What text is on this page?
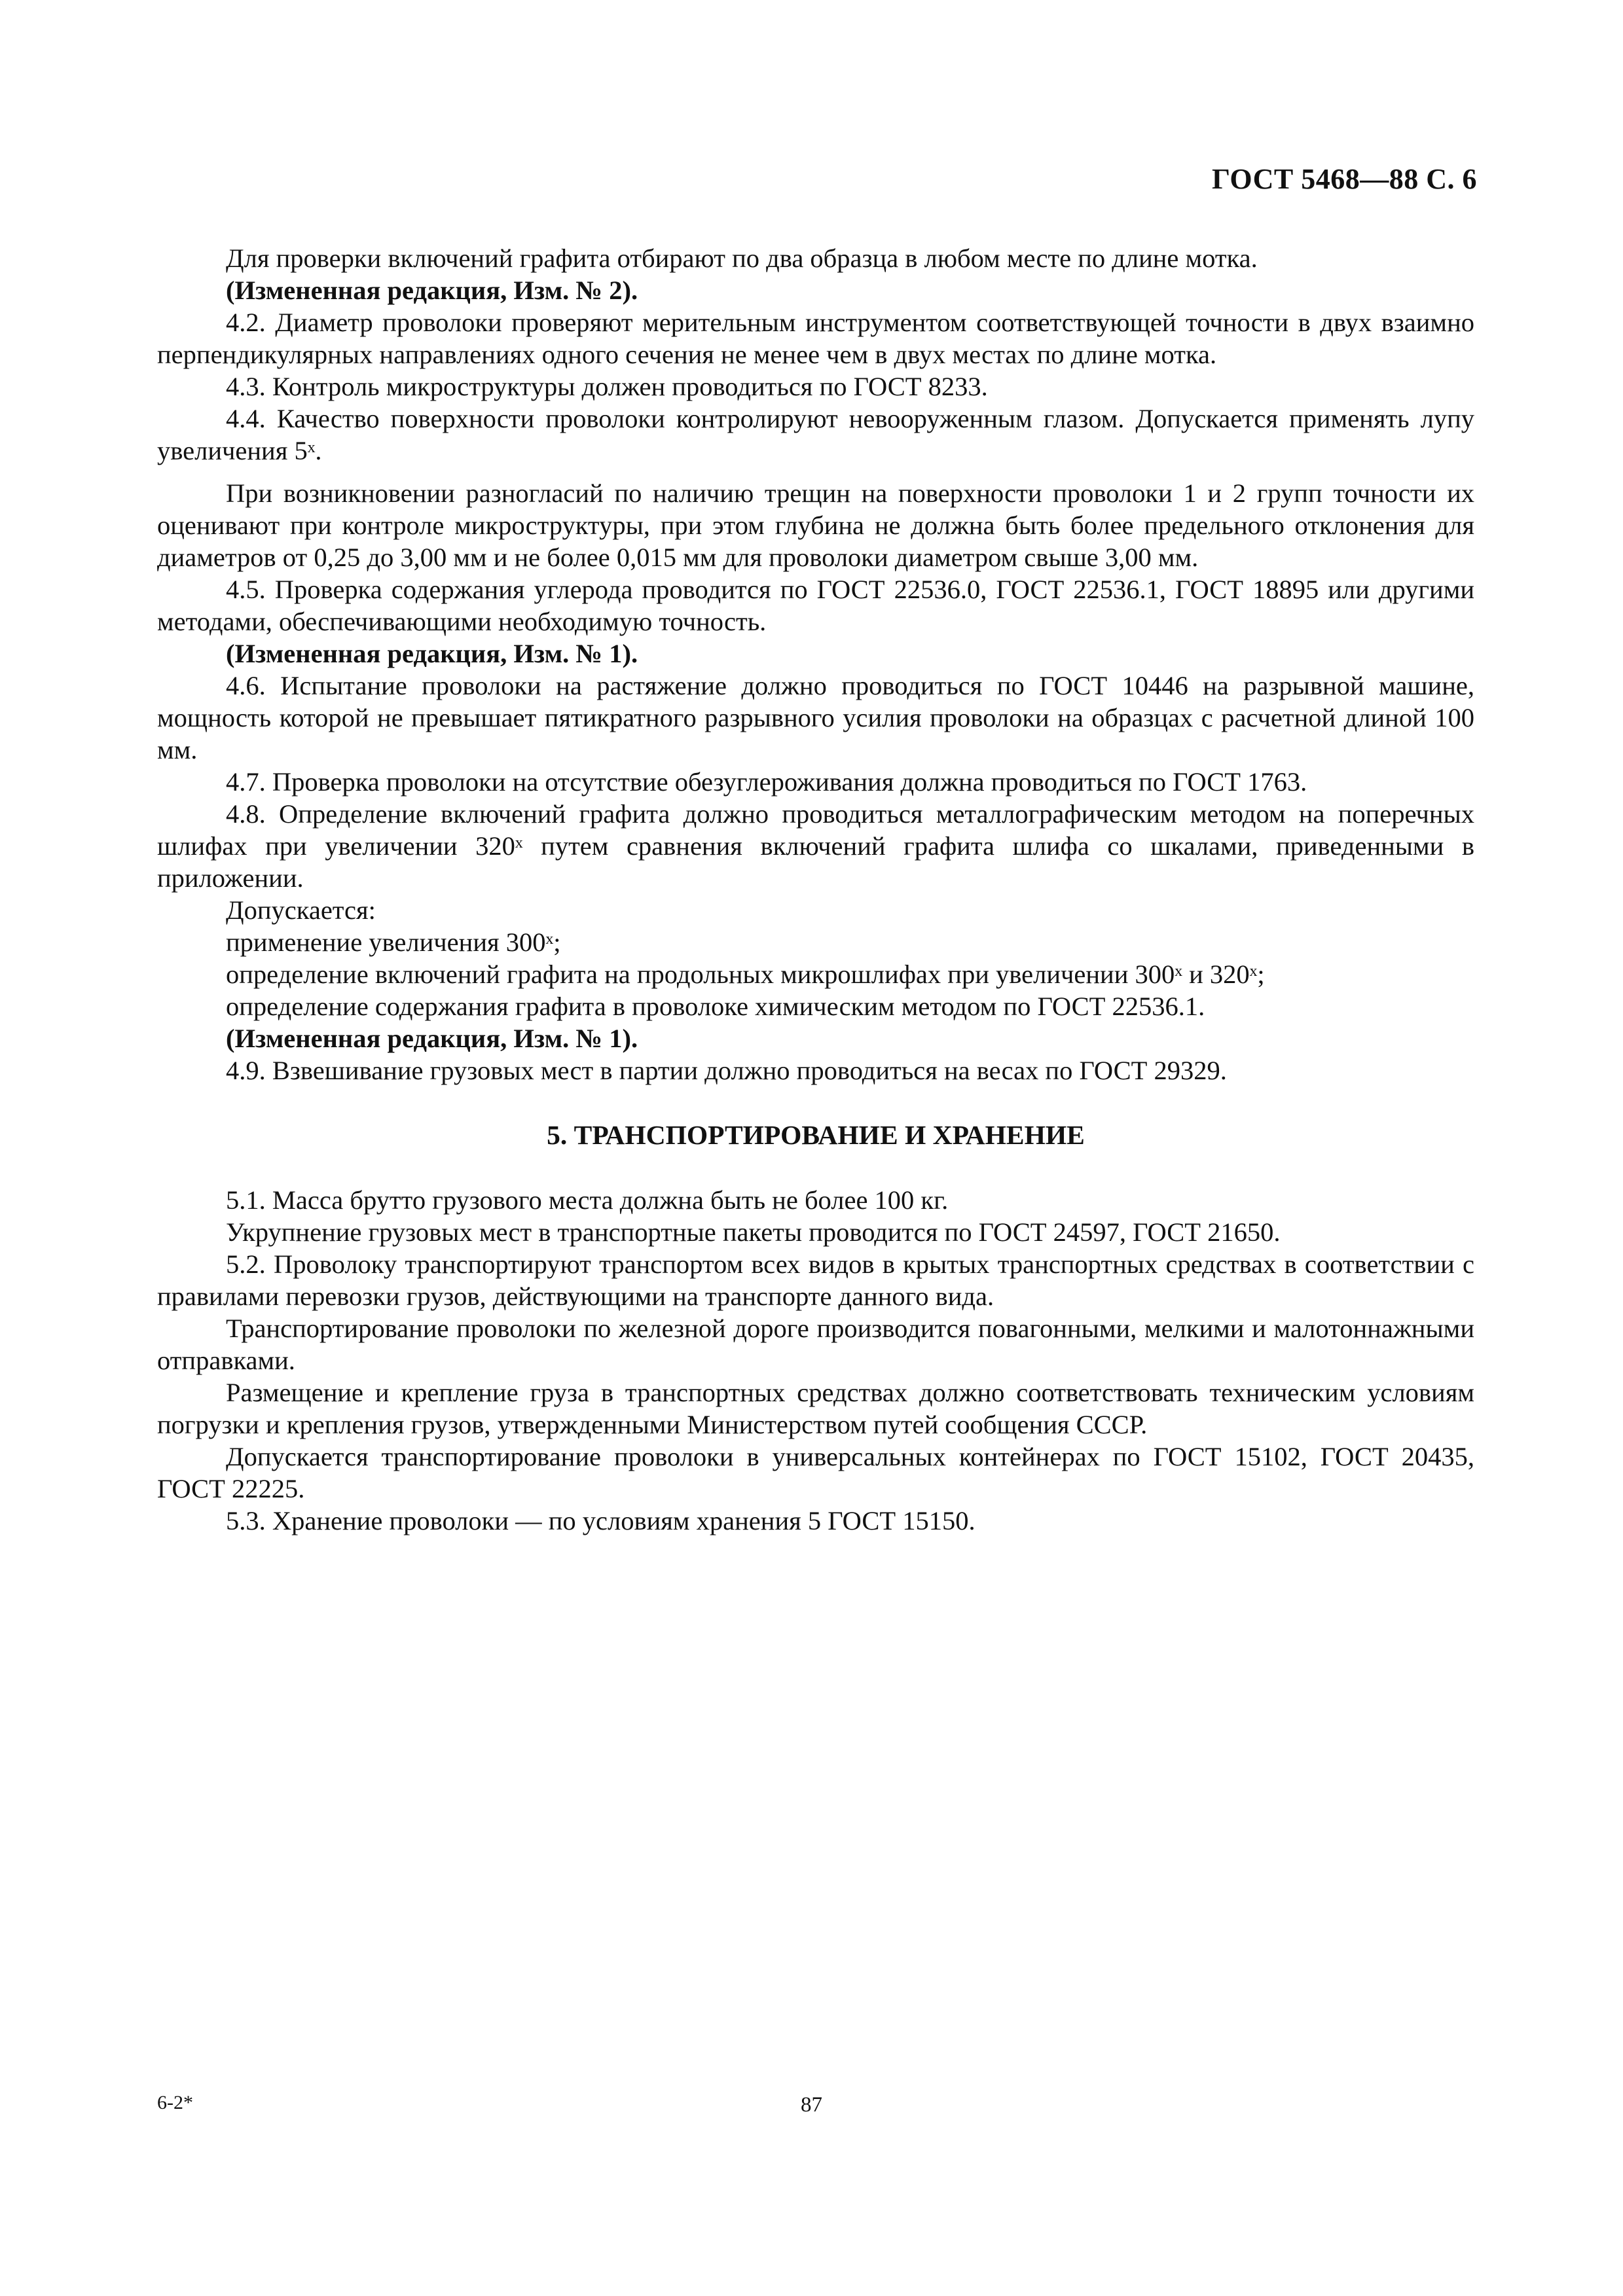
ГОСТ 5468—88 С. 6

Для проверки включений графита отбирают по два образца в любом месте по длине мотка.

(Измененная редакция, Изм. № 2).

4.2. Диаметр проволоки проверяют мерительным инструментом соответствующей точности в двух взаимно перпендикулярных направлениях одного сечения не менее чем в двух местах по длине мотка.

4.3. Контроль микроструктуры должен проводиться по ГОСТ 8233.

4.4. Качество поверхности проволоки контролируют невооруженным глазом. Допускается применять лупу увеличения 5ˣ.

При возникновении разногласий по наличию трещин на поверхности проволоки 1 и 2 групп точности их оценивают при контроле микроструктуры, при этом глубина не должна быть более предельного отклонения для диаметров от 0,25 до 3,00 мм и не более 0,015 мм для проволоки диаметром свыше 3,00 мм.

4.5. Проверка содержания углерода проводится по ГОСТ 22536.0, ГОСТ 22536.1, ГОСТ 18895 или другими методами, обеспечивающими необходимую точность.

(Измененная редакция, Изм. № 1).

4.6. Испытание проволоки на растяжение должно проводиться по ГОСТ 10446 на разрывной машине, мощность которой не превышает пятикратного разрывного усилия проволоки на образцах с расчетной длиной 100 мм.

4.7. Проверка проволоки на отсутствие обезуглероживания должна проводиться по ГОСТ 1763.

4.8. Определение включений графита должно проводиться металлографическим методом на поперечных шлифах при увеличении 320ˣ путем сравнения включений графита шлифа со шкалами, приведенными в приложении.

Допускается:

применение увеличения 300ˣ;

определение включений графита на продольных микрошлифах при увеличении 300ˣ и 320ˣ;

определение содержания графита в проволоке химическим методом по ГОСТ 22536.1.

(Измененная редакция, Изм. № 1).

4.9. Взвешивание грузовых мест в партии должно проводиться на весах по ГОСТ 29329.

5. ТРАНСПОРТИРОВАНИЕ И ХРАНЕНИЕ

5.1. Масса брутто грузового места должна быть не более 100 кг.

Укрупнение грузовых мест в транспортные пакеты проводится по ГОСТ 24597, ГОСТ 21650.

5.2. Проволоку транспортируют транспортом всех видов в крытых транспортных средствах в соответствии с правилами перевозки грузов, действующими на транспорте данного вида.

Транспортирование проволоки по железной дороге производится повагонными, мелкими и малотоннажными отправками.

Размещение и крепление груза в транспортных средствах должно соответствовать техническим условиям погрузки и крепления грузов, утвержденными Министерством путей сообщения СССР.

Допускается транспортирование проволоки в универсальных контейнерах по ГОСТ 15102, ГОСТ 20435, ГОСТ 22225.

5.3. Хранение проволоки — по условиям хранения 5 ГОСТ 15150.

6-2*	87
